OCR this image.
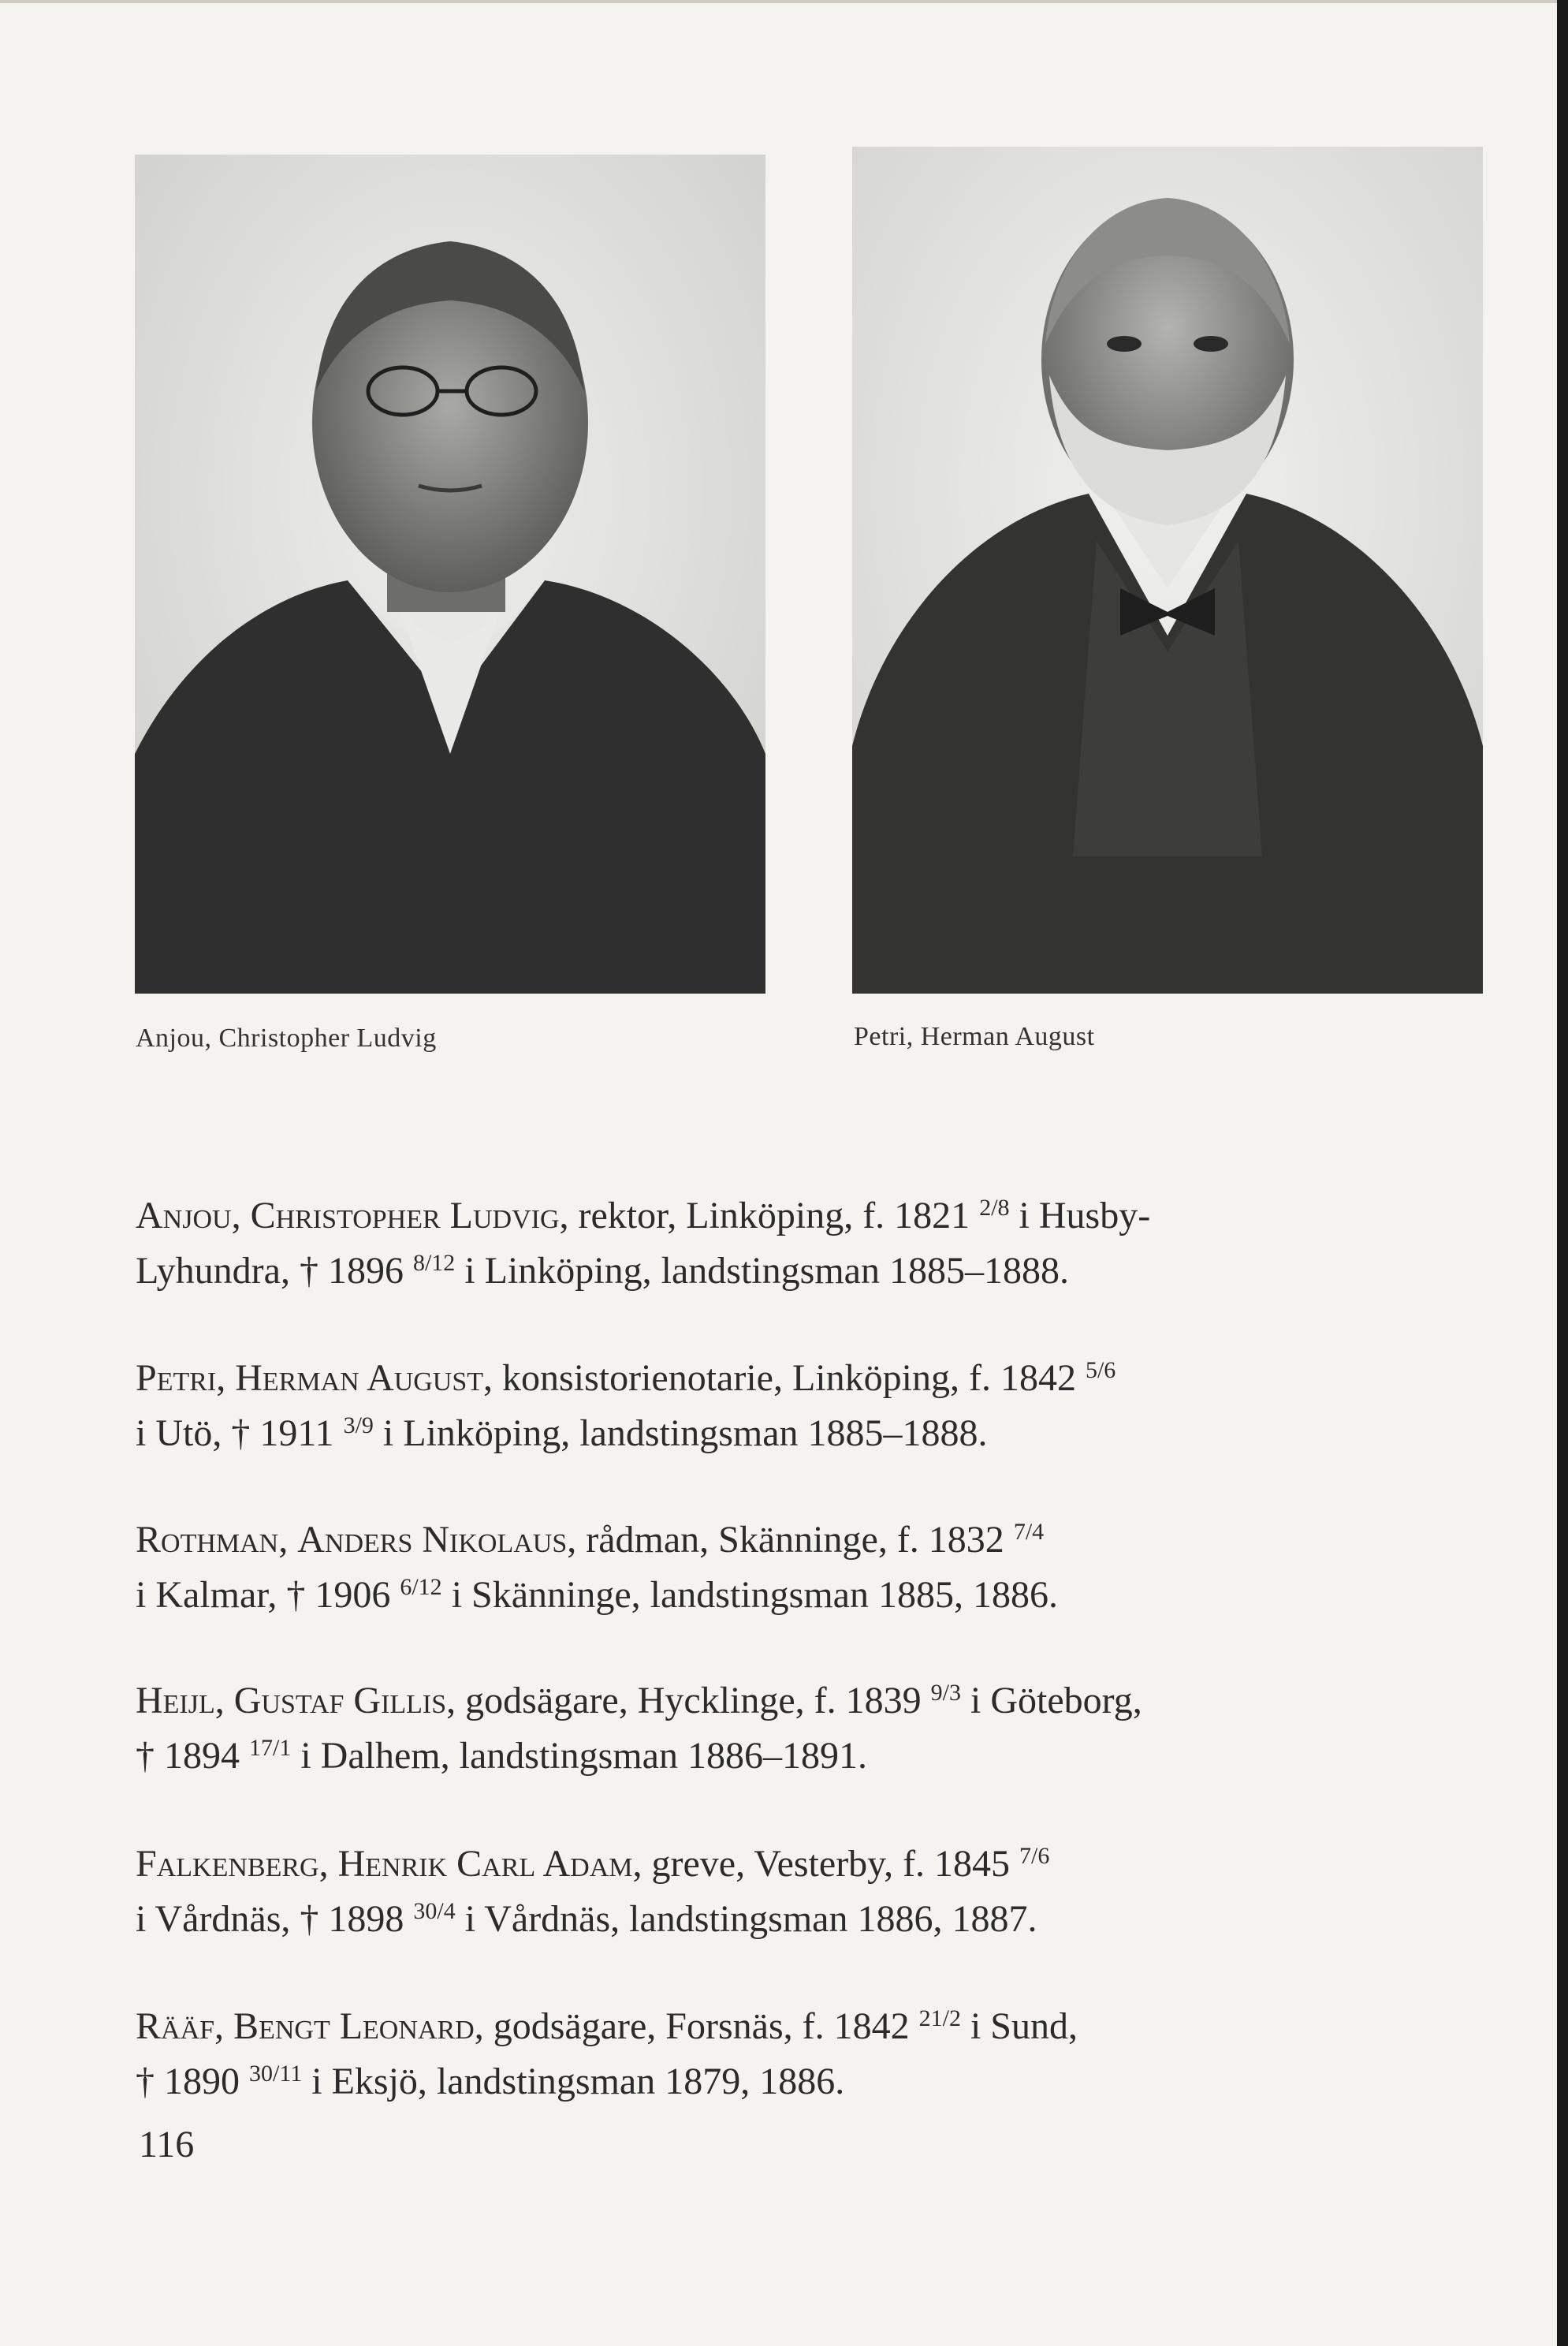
Anjou, Christopher Ludvig	Petri, Herman August
Anjou, Christopher Ludvig, rektor, Linköping, f. 1821 $^{2/8}$ i Husby-
Lyhundra, † 1896 $^{8/12}$ i Linköping, landstingsman 1885–1888.
Petri, Herman August, konsistorienotarie, Linköping, f. 1842 $^{5/6}$
i Utö, † 1911 $^{3/9}$ i Linköping, landstingsman 1885–1888.
Rothman, Anders Nikolaus, rådman, Skänninge, f. 1832 $^{7/4}$
i Kalmar, † 1906 $^{6/12}$ i Skänninge, landstingsman 1885, 1886.
Heijl, Gustaf Gillis, godsägare, Hycklinge, f. 1839 $^{9/3}$ i Göteborg,
† 1894 $^{17/1}$ i Dalhem, landstingsman 1886–1891.
Falkenberg, Henrik Carl Adam, greve, Vesterby, f. 1845 $^{7/6}$
i Vårdnäs, † 1898 $^{30/4}$ i Vårdnäs, landstingsman 1886, 1887.
Rääf, Bengt Leonard, godsägare, Forsnäs, f. 1842 $^{21/2}$ i Sund,
† 1890 $^{30/11}$ i Eksjö, landstingsman 1879, 1886.
116
